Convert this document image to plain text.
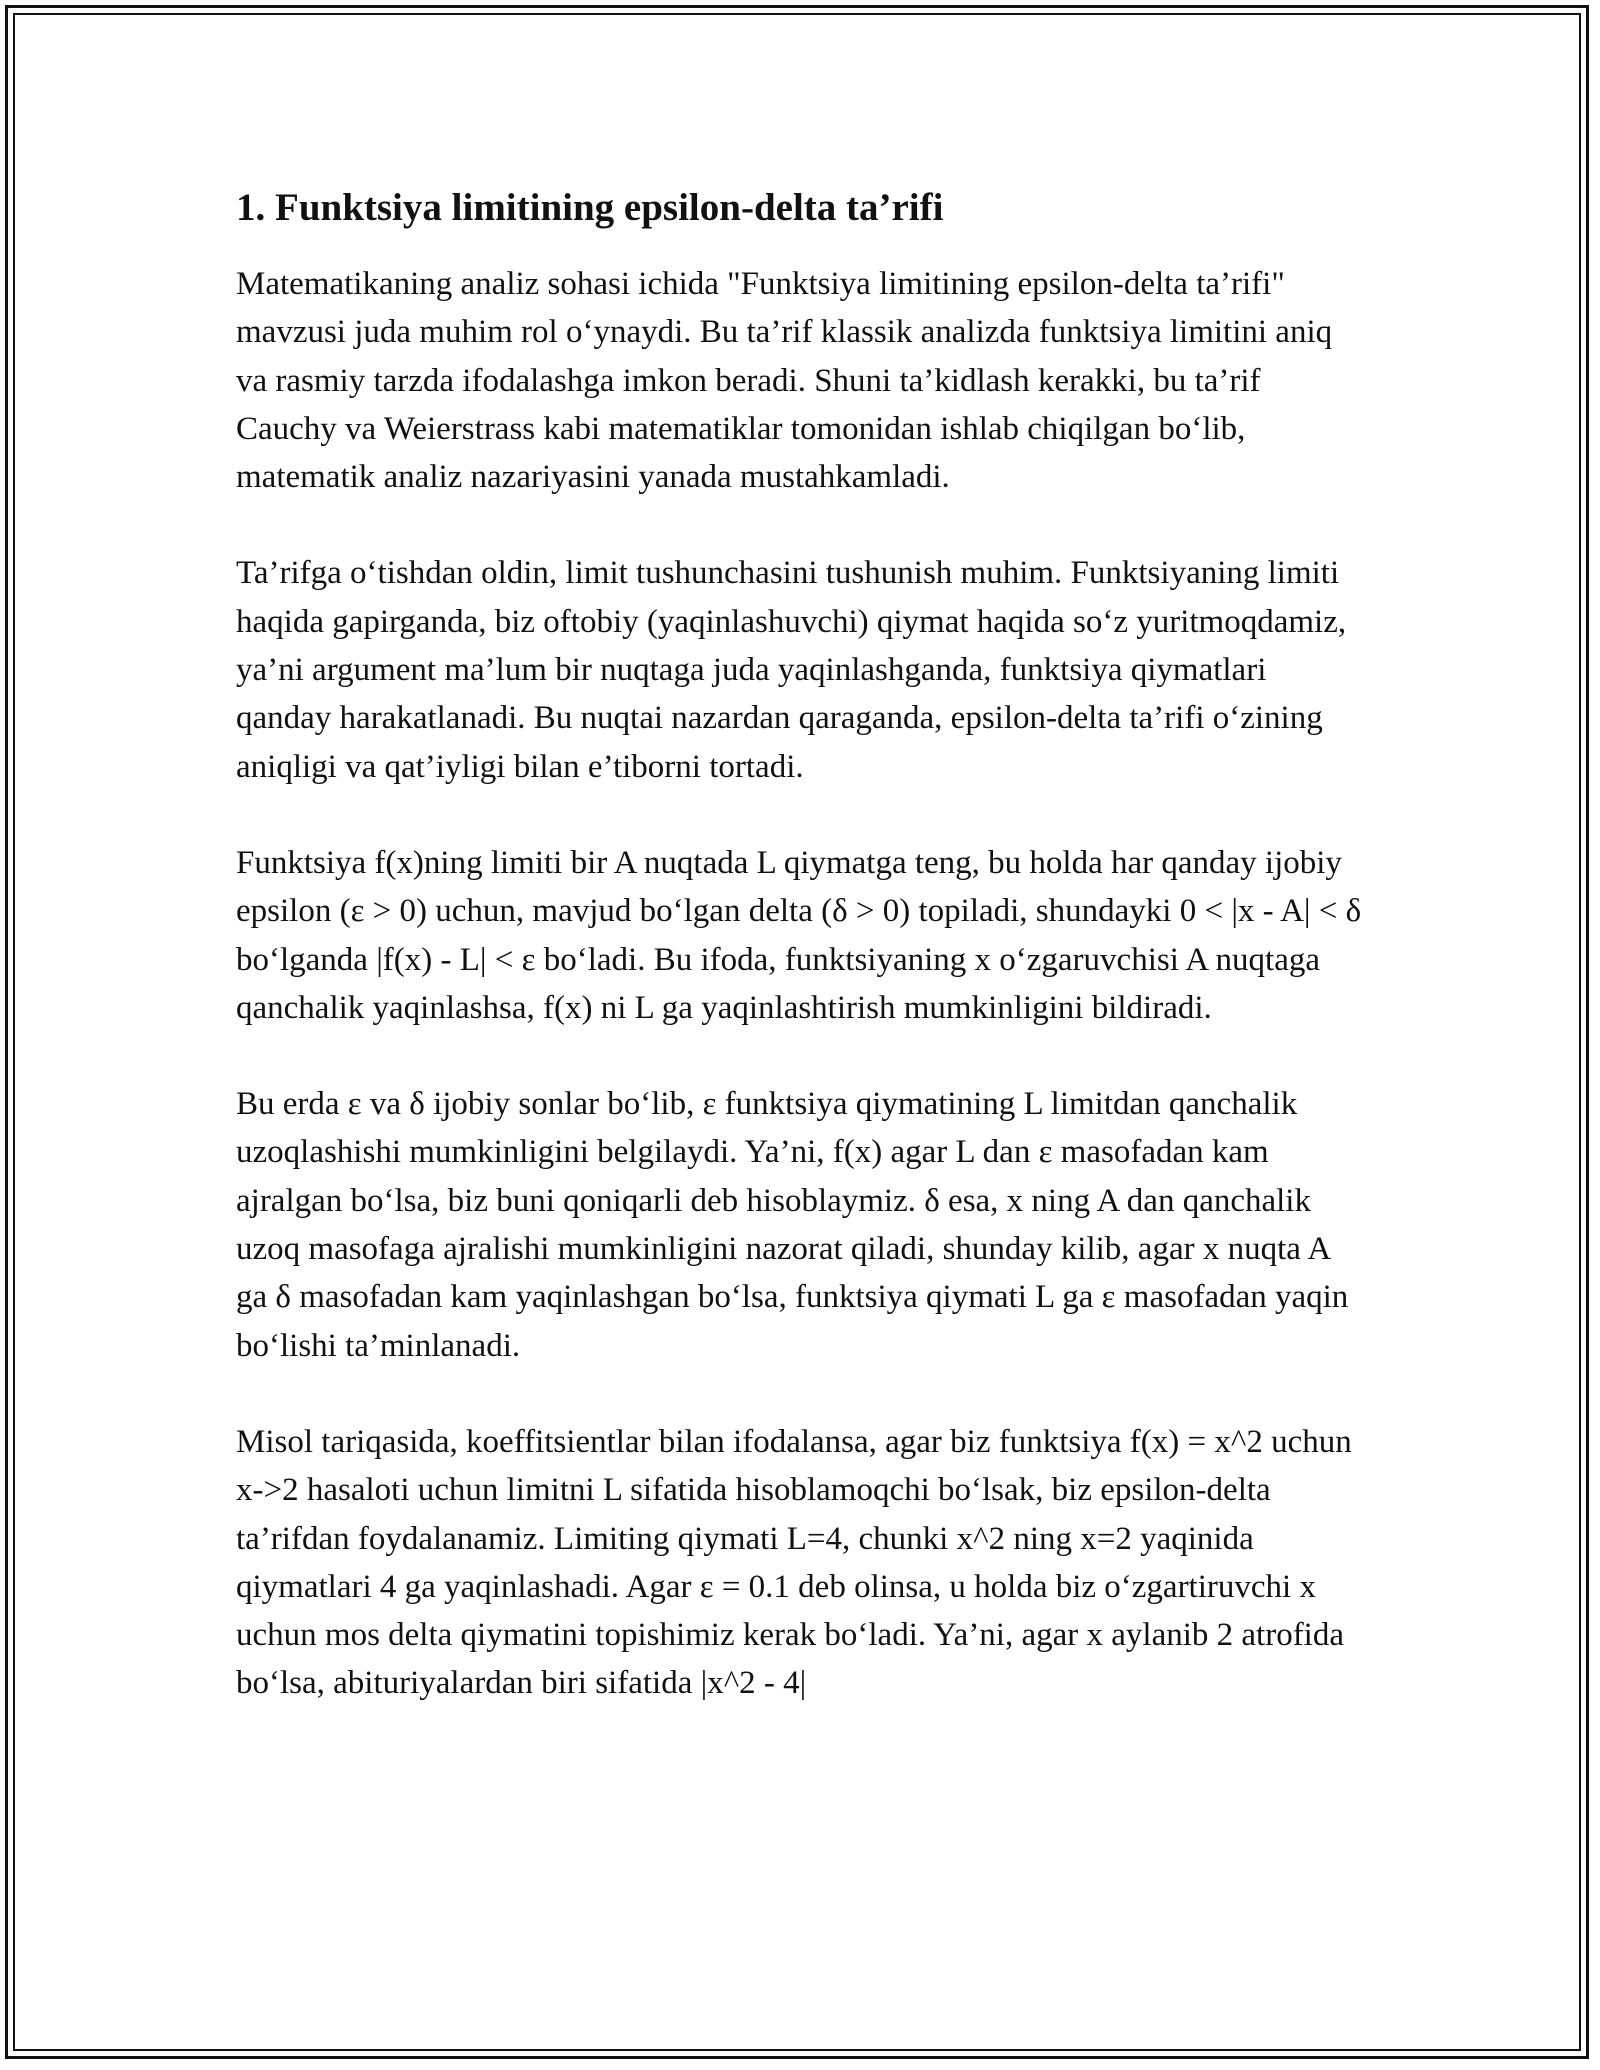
1. Funktsiya limitining epsilon-delta ta’rifi

Matematikaning analiz sohasi ichida "Funktsiya limitining epsilon-delta ta’rifi" mavzusi juda muhim rol o‘ynaydi. Bu ta’rif klassik analizda funktsiya limitini aniq va rasmiy tarzda ifodalashga imkon beradi. Shuni ta’kidlash kerakki, bu ta’rif Cauchy va Weierstrass kabi matematiklar tomonidan ishlab chiqilgan bo‘lib, matematik analiz nazariyasini yanada mustahkamladi.

Ta’rifga o‘tishdan oldin, limit tushunchasini tushunish muhim. Funktsiyaning limiti haqida gapirganda, biz oftobiy (yaqinlashuvchi) qiymat haqida so‘z yuritmoqdamiz, ya’ni argument ma’lum bir nuqtaga juda yaqinlashganda, funktsiya qiymatlari qanday harakatlanadi. Bu nuqtai nazardan qaraganda, epsilon-delta ta’rifi o‘zining aniqligi va qat’iyligi bilan e’tiborni tortadi.

Funktsiya f(x)ning limiti bir A nuqtada L qiymatga teng, bu holda har qanday ijobiy epsilon (ε > 0) uchun, mavjud bo‘lgan delta (δ > 0) topiladi, shundayki 0 < |x - A| < δ bo‘lganda |f(x) - L| < ε bo‘ladi. Bu ifoda, funktsiyaning x o‘zgaruvchisi A nuqtaga qanchalik yaqinlashsa, f(x) ni L ga yaqinlashtirish mumkinligini bildiradi.

Bu erda ε va δ ijobiy sonlar bo‘lib, ε funktsiya qiymatining L limitdan qanchalik uzoqlashishi mumkinligini belgilaydi. Ya’ni, f(x) agar L dan ε masofadan kam ajralgan bo‘lsa, biz buni qoniqarli deb hisoblaymiz. δ esa, x ning A dan qanchalik uzoq masofaga ajralishi mumkinligini nazorat qiladi, shunday kilib, agar x nuqta A ga δ masofadan kam yaqinlashgan bo‘lsa, funktsiya qiymati L ga ε masofadan yaqin bo‘lishi ta’minlanadi.

Misol tariqasida, koeffitsientlar bilan ifodalansa, agar biz funktsiya f(x) = x^2 uchun x->2 hasaloti uchun limitni L sifatida hisoblamoqchi bo‘lsak, biz epsilon-delta ta’rifdan foydalanamiz. Limiting qiymati L=4, chunki x^2 ning x=2 yaqinida qiymatlari 4 ga yaqinlashadi. Agar ε = 0.1 deb olinsa, u holda biz o‘zgartiruvchi x uchun mos delta qiymatini topishimiz kerak bo‘ladi. Ya’ni, agar x aylanib 2 atrofida bo‘lsa, abituriyalardan biri sifatida |x^2 - 4|
